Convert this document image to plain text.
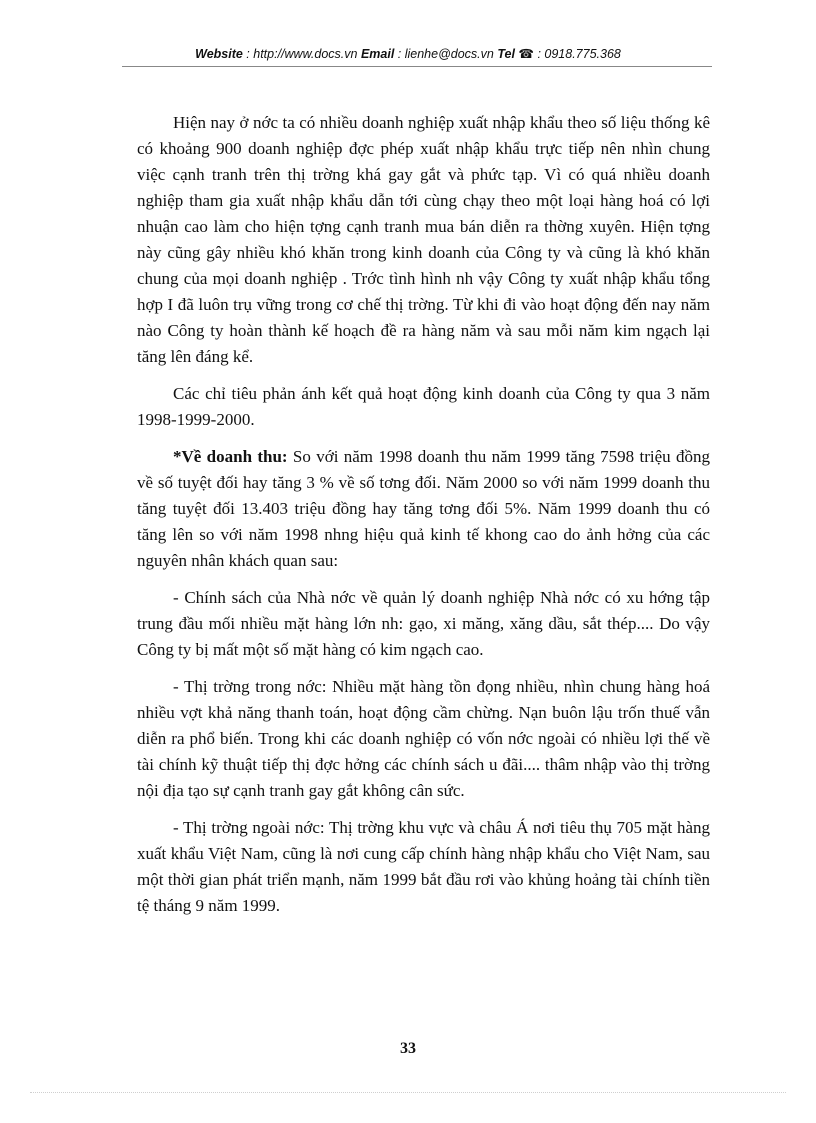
Website : http://www.docs.vn Email : lienhe@docs.vn Tel ☎ : 0918.775.368

Hiện nay ở nớc ta có nhiều doanh nghiệp xuất nhập khẩu theo số liệu thống kê có khoảng 900 doanh nghiệp đợc phép xuất nhập khẩu trực tiếp nên nhìn chung việc cạnh tranh trên thị trờng khá gay gắt và phức tạp. Vì có quá nhiều doanh nghiệp tham gia xuất nhập khẩu dẫn tới cùng chạy theo một loại hàng hoá có lợi nhuận cao làm cho hiện tợng cạnh tranh mua bán diễn ra thờng xuyên. Hiện tợng này cũng gây nhiều khó khăn trong kinh doanh của Công ty và cũng là khó khăn chung của mọi doanh nghiệp . Trớc tình hình nh vậy Công ty xuất nhập khẩu tổng hợp I đã luôn trụ vững trong cơ chế thị trờng. Từ khi đi vào hoạt động đến nay năm nào Công ty hoàn thành kế hoạch đề ra hàng năm và sau mỗi năm kim ngạch lại tăng lên đáng kể.

Các chỉ tiêu phản ánh kết quả hoạt động kinh doanh của Công ty qua 3 năm 1998-1999-2000.

*Về doanh thu: So với năm 1998 doanh thu năm 1999 tăng 7598 triệu đồng về số tuyệt đối hay tăng 3 % về số tơng đối. Năm 2000 so với năm 1999 doanh thu tăng tuyệt đối 13.403 triệu đồng hay tăng tơng đối 5%. Năm 1999 doanh thu có tăng lên so với năm 1998 nhng hiệu quả kinh tế khong cao do ảnh hởng của các nguyên nhân khách quan sau:

- Chính sách của Nhà nớc về quản lý doanh nghiệp Nhà nớc có xu hớng tập trung đầu mối nhiều mặt hàng lớn nh: gạo, xi măng, xăng dầu, sắt thép.... Do vậy Công ty bị mất một số mặt hàng có kim ngạch cao.

- Thị trờng trong nớc: Nhiều mặt hàng tồn đọng nhiều, nhìn chung hàng hoá nhiều vợt khả năng thanh toán, hoạt động cầm chừng. Nạn buôn lậu trốn thuế vẫn diễn ra phổ biến. Trong khi các doanh nghiệp có vốn nớc ngoài có nhiều lợi thế về tài chính kỹ thuật tiếp thị đợc hởng các chính sách u đãi.... thâm nhập vào thị trờng nội địa tạo sự cạnh tranh gay gắt không cân sức.

- Thị trờng ngoài nớc: Thị trờng khu vực và châu Á nơi tiêu thụ 705 mặt hàng xuất khẩu Việt Nam, cũng là nơi cung cấp chính hàng nhập khẩu cho Việt Nam, sau một thời gian phát triển mạnh, năm 1999 bắt đầu rơi vào khủng hoảng tài chính tiền tệ tháng 9 năm 1999.

33
